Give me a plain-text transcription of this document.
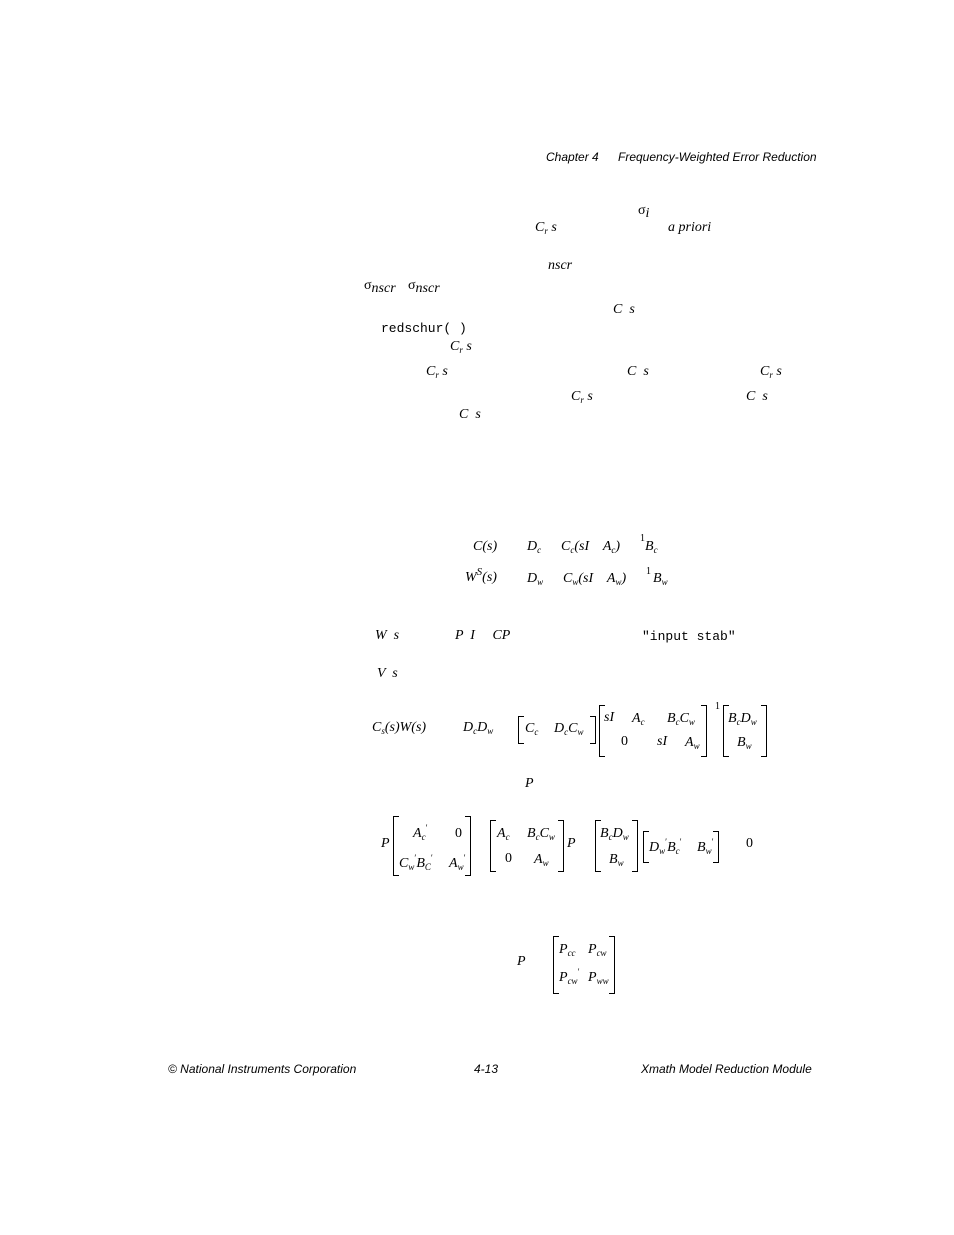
Chapter 4 Frequency-Weighted Error Reduction
$\sigma_i$
$C_r$ s	a priori
nscr
$\sigma_{nscr}$ $\sigma_{nscr}$
C  s
redschur( )
$C_r$ s
$C_r$ s	C  s	$C_r$ s
$C_r$ s	C  s
C  s
C(s) $D_c$ $C_c(sI$    $A_c$)
1
$B_c$
$W^S(s)$ $D_w$ $C_w(sI$    $A_w$) 1 $B_w$
W  s	P  I     CP	"input stab"
V  s
$C_s(s)W(s)$	$D_cD_w$ $C_c$ $D_cC_w$
sI $A_c$ $B_cC_w$
0 sI $A_w$
1
$B_cD_w$
$B_w$
P
P
$A_c'$ 0
$C_w'B_C'$ $A_w'$
$A_c$ $B_cC_w$
0 $A_w$
P
$B_cD_w$
$B_w$
$D_w'B_c'$ $B_w'$ 0
P
$P_{cc}$ $P_{cw}$
$P_{cw}'$ $P_{ww}$
© National Instruments Corporation	4-13	Xmath Model Reduction Module
